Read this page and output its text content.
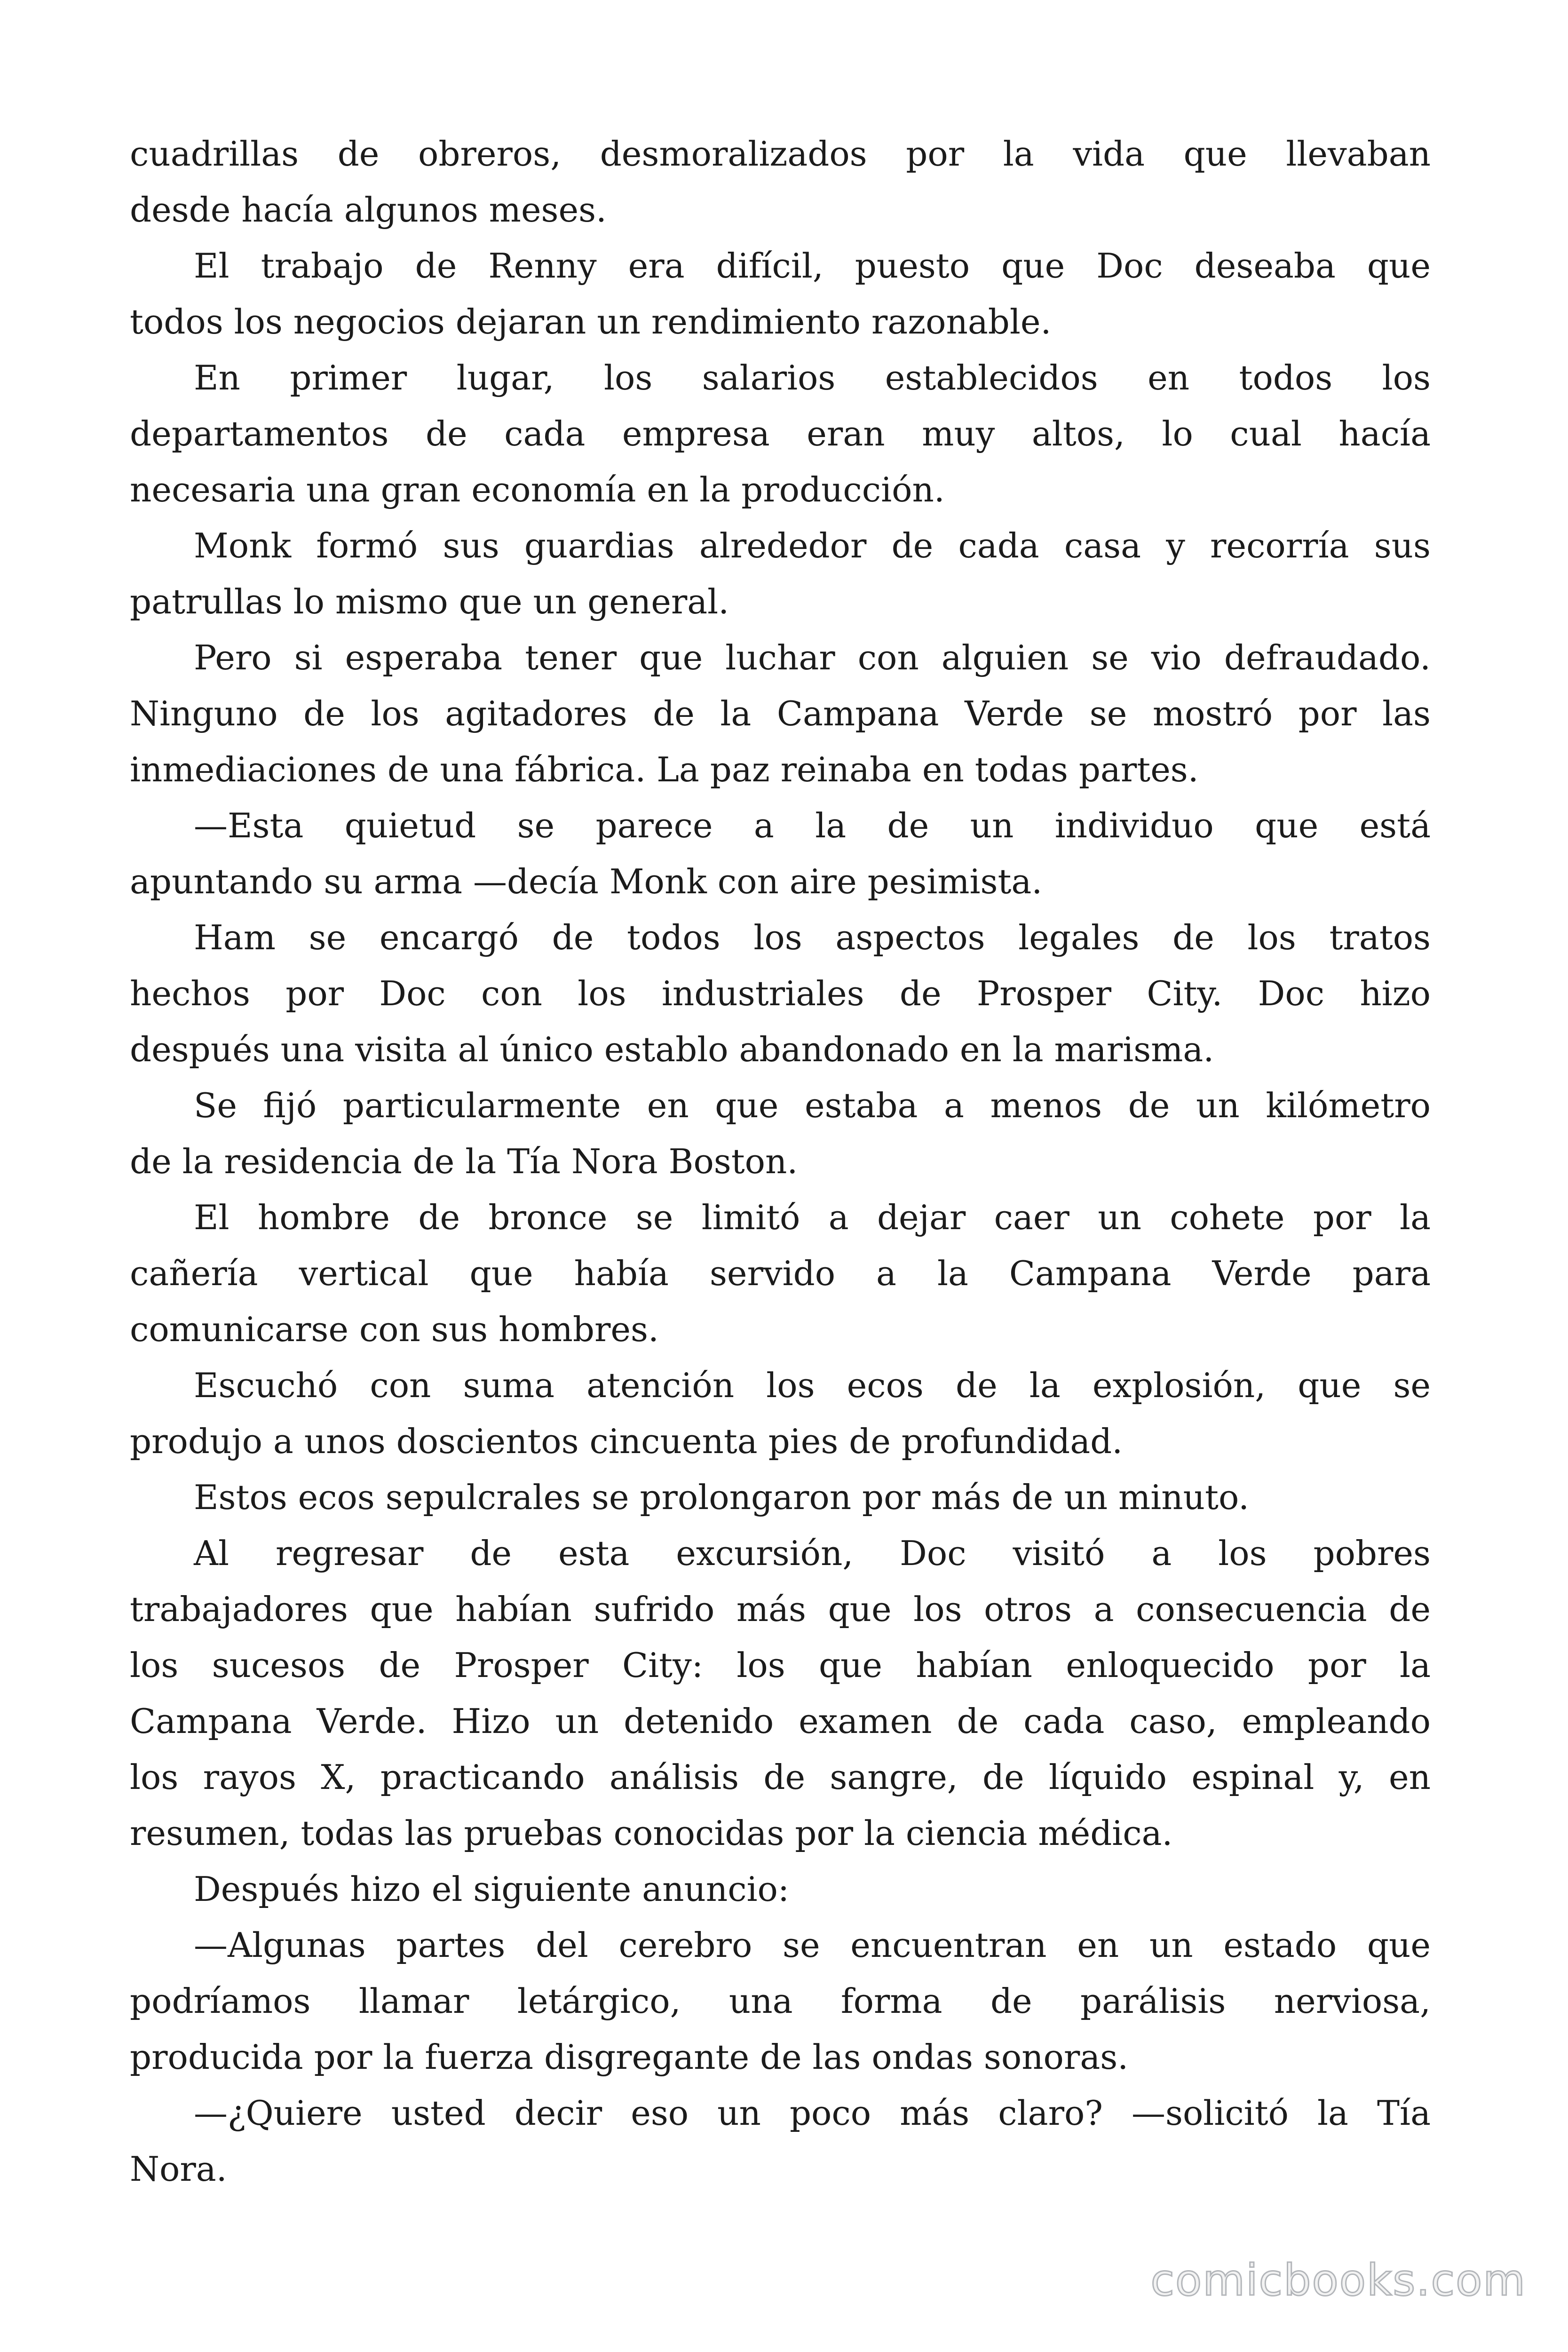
cuadrillas de obreros, desmoralizados por la vida que llevaban
desde hacía algunos meses.
El trabajo de Renny era difícil, puesto que Doc deseaba que
todos los negocios dejaran un rendimiento razonable.
En primer lugar, los salarios establecidos en todos los
departamentos de cada empresa eran muy altos, lo cual hacía
necesaria una gran economía en la producción.
Monk formó sus guardias alrededor de cada casa y recorría sus
patrullas lo mismo que un general.
Pero si esperaba tener que luchar con alguien se vio defraudado.
Ninguno de los agitadores de la Campana Verde se mostró por las
inmediaciones de una fábrica. La paz reinaba en todas partes.
—Esta quietud se parece a la de un individuo que está
apuntando su arma —decía Monk con aire pesimista.
Ham se encargó de todos los aspectos legales de los tratos
hechos por Doc con los industriales de Prosper City. Doc hizo
después una visita al único establo abandonado en la marisma.
Se fijó particularmente en que estaba a menos de un kilómetro
de la residencia de la Tía Nora Boston.
El hombre de bronce se limitó a dejar caer un cohete por la
cañería vertical que había servido a la Campana Verde para
comunicarse con sus hombres.
Escuchó con suma atención los ecos de la explosión, que se
produjo a unos doscientos cincuenta pies de profundidad.
Estos ecos sepulcrales se prolongaron por más de un minuto.
Al regresar de esta excursión, Doc visitó a los pobres
trabajadores que habían sufrido más que los otros a consecuencia de
los sucesos de Prosper City: los que habían enloquecido por la
Campana Verde. Hizo un detenido examen de cada caso, empleando
los rayos X, practicando análisis de sangre, de líquido espinal y, en
resumen, todas las pruebas conocidas por la ciencia médica.
Después hizo el siguiente anuncio:
—Algunas partes del cerebro se encuentran en un estado que
podríamos llamar letárgico, una forma de parálisis nerviosa,
producida por la fuerza disgregante de las ondas sonoras.
—¿Quiere usted decir eso un poco más claro? —solicitó la Tía
Nora.
comicbooks.com
